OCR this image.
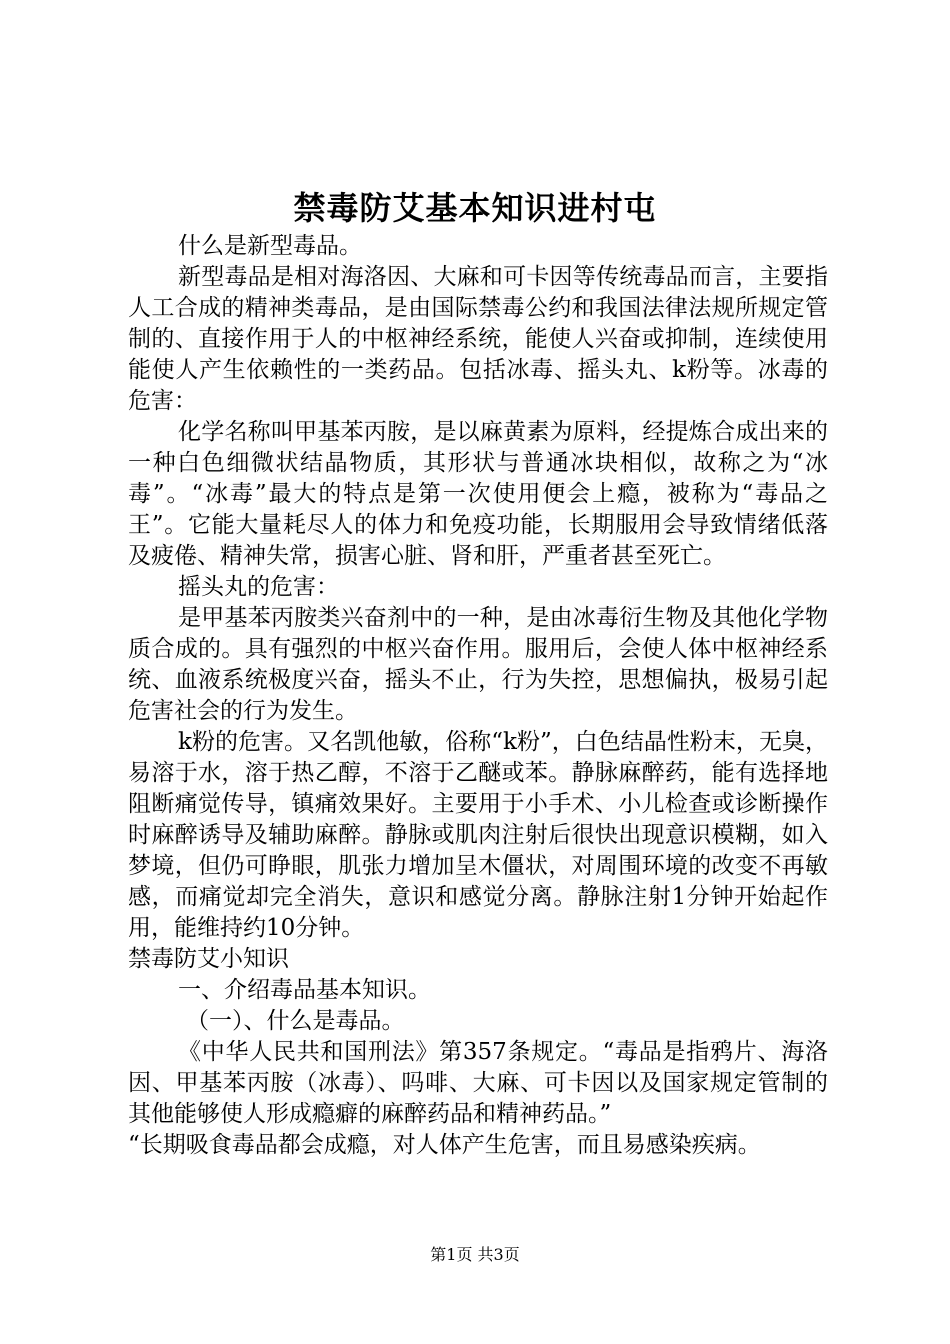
禁毒防艾基本知识进村屯

什么是新型毒品。

新型毒品是相对海洛因、大麻和可卡因等传统毒品而言，主要指人工合成的精神类毒品，是由国际禁毒公约和我国法律法规所规定管制的、直接作用于人的中枢神经系统，能使人兴奋或抑制，连续使用能使人产生依赖性的一类药品。包括冰毒、摇头丸、k粉等。冰毒的危害：

化学名称叫甲基苯丙胺，是以麻黄素为原料，经提炼合成出来的一种白色细微状结晶物质，其形状与普通冰块相似，故称之为“冰毒”。“冰毒”最大的特点是第一次使用便会上瘾，被称为“毒品之王”。它能大量耗尽人的体力和免疫功能，长期服用会导致情绪低落及疲倦、精神失常，损害心脏、肾和肝，严重者甚至死亡。

摇头丸的危害：

是甲基苯丙胺类兴奋剂中的一种，是由冰毒衍生物及其他化学物质合成的。具有强烈的中枢兴奋作用。服用后，会使人体中枢神经系统、血液系统极度兴奋，摇头不止，行为失控，思想偏执，极易引起危害社会的行为发生。

k粉的危害。又名凯他敏，俗称“k粉”，白色结晶性粉末，无臭，易溶于水，溶于热乙醇，不溶于乙醚或苯。静脉麻醉药，能有选择地阻断痛觉传导，镇痛效果好。主要用于小手术、小儿检查或诊断操作时麻醉诱导及辅助麻醉。静脉或肌肉注射后很快出现意识模糊，如入梦境，但仍可睁眼，肌张力增加呈木僵状，对周围环境的改变不再敏感，而痛觉却完全消失，意识和感觉分离。静脉注射1分钟开始起作用，能维持约10分钟。

禁毒防艾小知识

一、介绍毒品基本知识。

（一）、什么是毒品。

《中华人民共和国刑法》第357条规定。“毒品是指鸦片、海洛因、甲基苯丙胺（冰毒）、吗啡、大麻、可卡因以及国家规定管制的其他能够使人形成瘾癖的麻醉药品和精神药品。”

“长期吸食毒品都会成瘾，对人体产生危害，而且易感染疾病。

第1页 共3页
